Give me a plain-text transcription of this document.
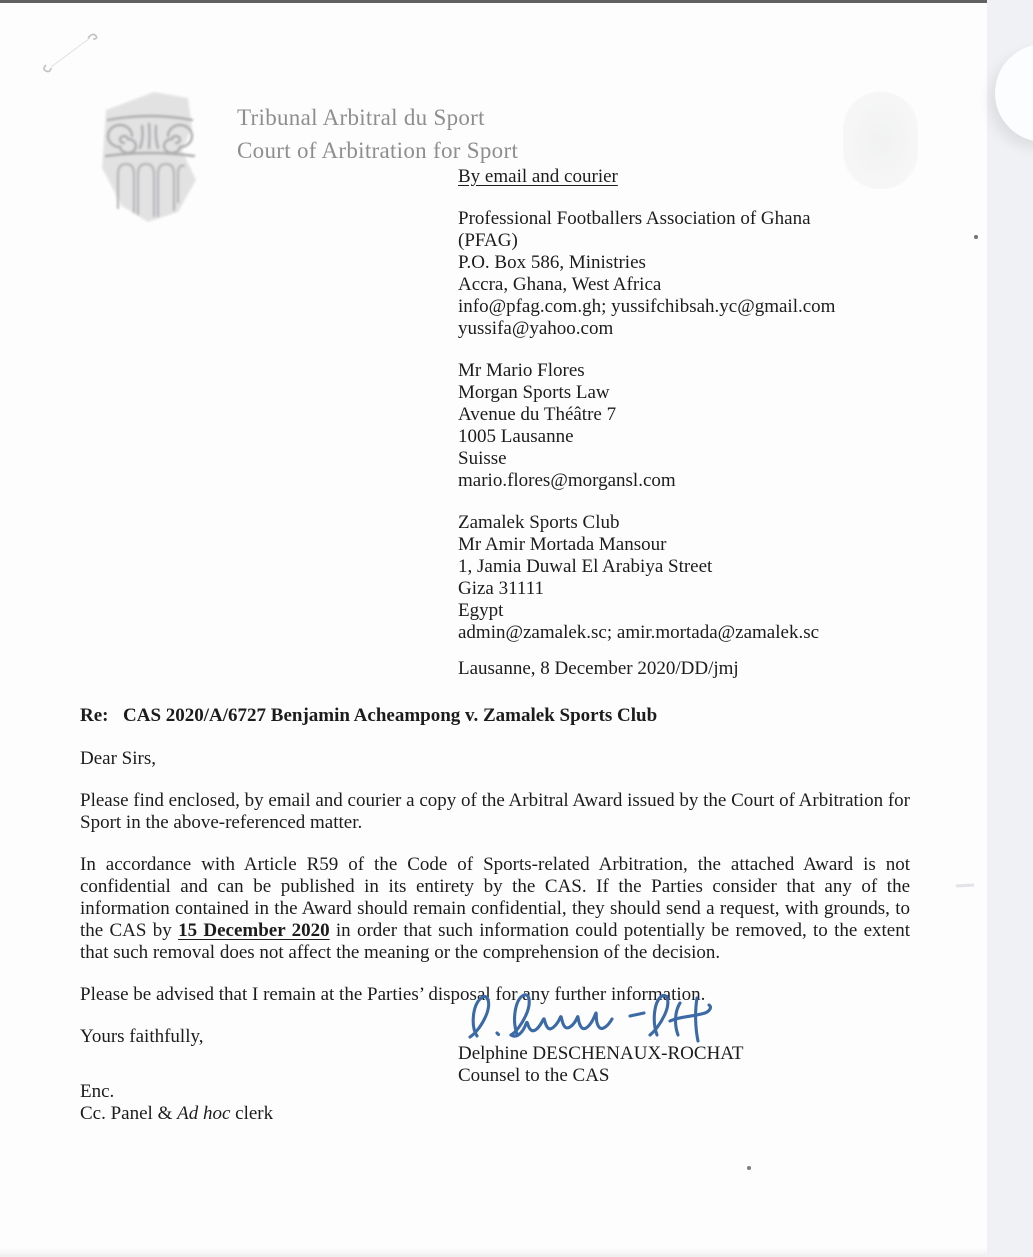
Tribunal Arbitral du Sport
Court of Arbitration for Sport
By email and courier
Professional Footballers Association of Ghana
(PFAG)
P.O. Box 586, Ministries
Accra, Ghana, West Africa
info@pfag.com.gh; yussifchibsah.yc@gmail.com
yussifa@yahoo.com
Mr Mario Flores
Morgan Sports Law
Avenue du Théâtre 7
1005 Lausanne
Suisse
mario.flores@morgansl.com
Zamalek Sports Club
Mr Amir Mortada Mansour
1, Jamia Duwal El Arabiya Street
Giza 31111
Egypt
admin@zamalek.sc; amir.mortada@zamalek.sc
Lausanne, 8 December 2020/DD/jmj
Re: CAS 2020/A/6727 Benjamin Acheampong v. Zamalek Sports Club
Dear Sirs,
Please find enclosed, by email and courier a copy of the Arbitral Award issued by the Court of Arbitration for Sport in the above-referenced matter.
In accordance with Article R59 of the Code of Sports-related Arbitration, the attached Award is not confidential and can be published in its entirety by the CAS. If the Parties consider that any of the information contained in the Award should remain confidential, they should send a request, with grounds, to the CAS by 15 December 2020 in order that such information could potentially be removed, to the extent that such removal does not affect the meaning or the comprehension of the decision.
Please be advised that I remain at the Parties’ disposal for any further information.
Yours faithfully,
Delphine DESCHENAUX-ROCHAT
Counsel to the CAS
Enc.
Cc. Panel & Ad hoc clerk
